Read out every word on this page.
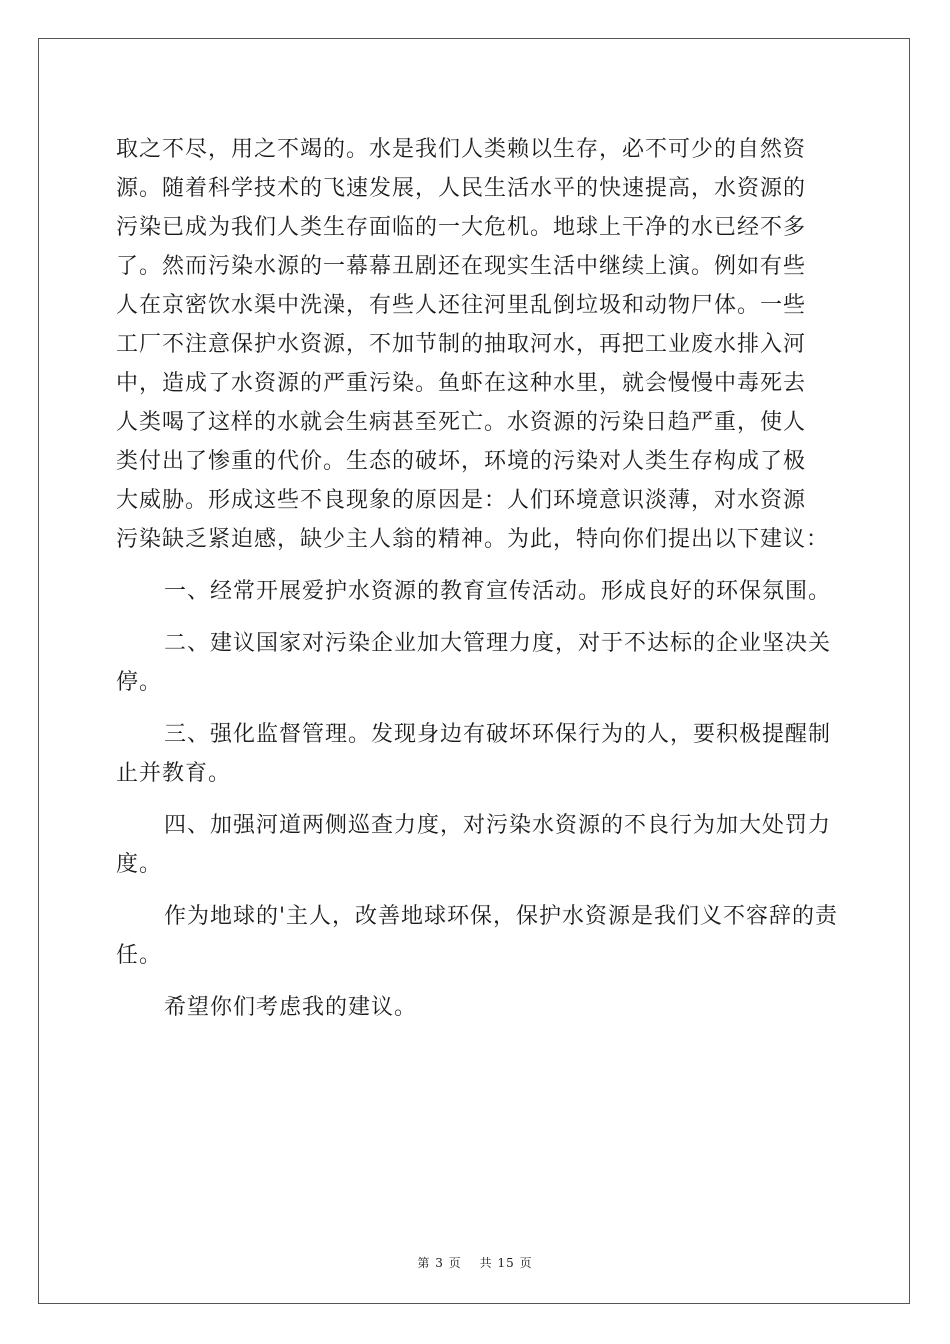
取之不尽，用之不竭的。水是我们人类赖以生存，必不可少的自然资
源。随着科学技术的飞速发展，人民生活水平的快速提高，水资源的
污染已成为我们人类生存面临的一大危机。地球上干净的水已经不多
了。然而污染水源的一幕幕丑剧还在现实生活中继续上演。例如有些
人在京密饮水渠中洗澡，有些人还往河里乱倒垃圾和动物尸体。一些
工厂不注意保护水资源，不加节制的抽取河水，再把工业废水排入河
中，造成了水资源的严重污染。鱼虾在这种水里，就会慢慢中毒死去
人类喝了这样的水就会生病甚至死亡。水资源的污染日趋严重，使人
类付出了惨重的代价。生态的破坏，环境的污染对人类生存构成了极
大威胁。形成这些不良现象的原因是：人们环境意识淡薄，对水资源
污染缺乏紧迫感，缺少主人翁的精神。为此，特向你们提出以下建议：

一、经常开展爱护水资源的教育宣传活动。形成良好的环保氛围。

二、建议国家对污染企业加大管理力度，对于不达标的企业坚决关停。

三、强化监督管理。发现身边有破坏环保行为的人，要积极提醒制止并教育。

四、加强河道两侧巡查力度，对污染水资源的不良行为加大处罚力度。

作为地球的'主人，改善地球环保，保护水资源是我们义不容辞的责任。

希望你们考虑我的建议。

第 3 页 共 15 页
